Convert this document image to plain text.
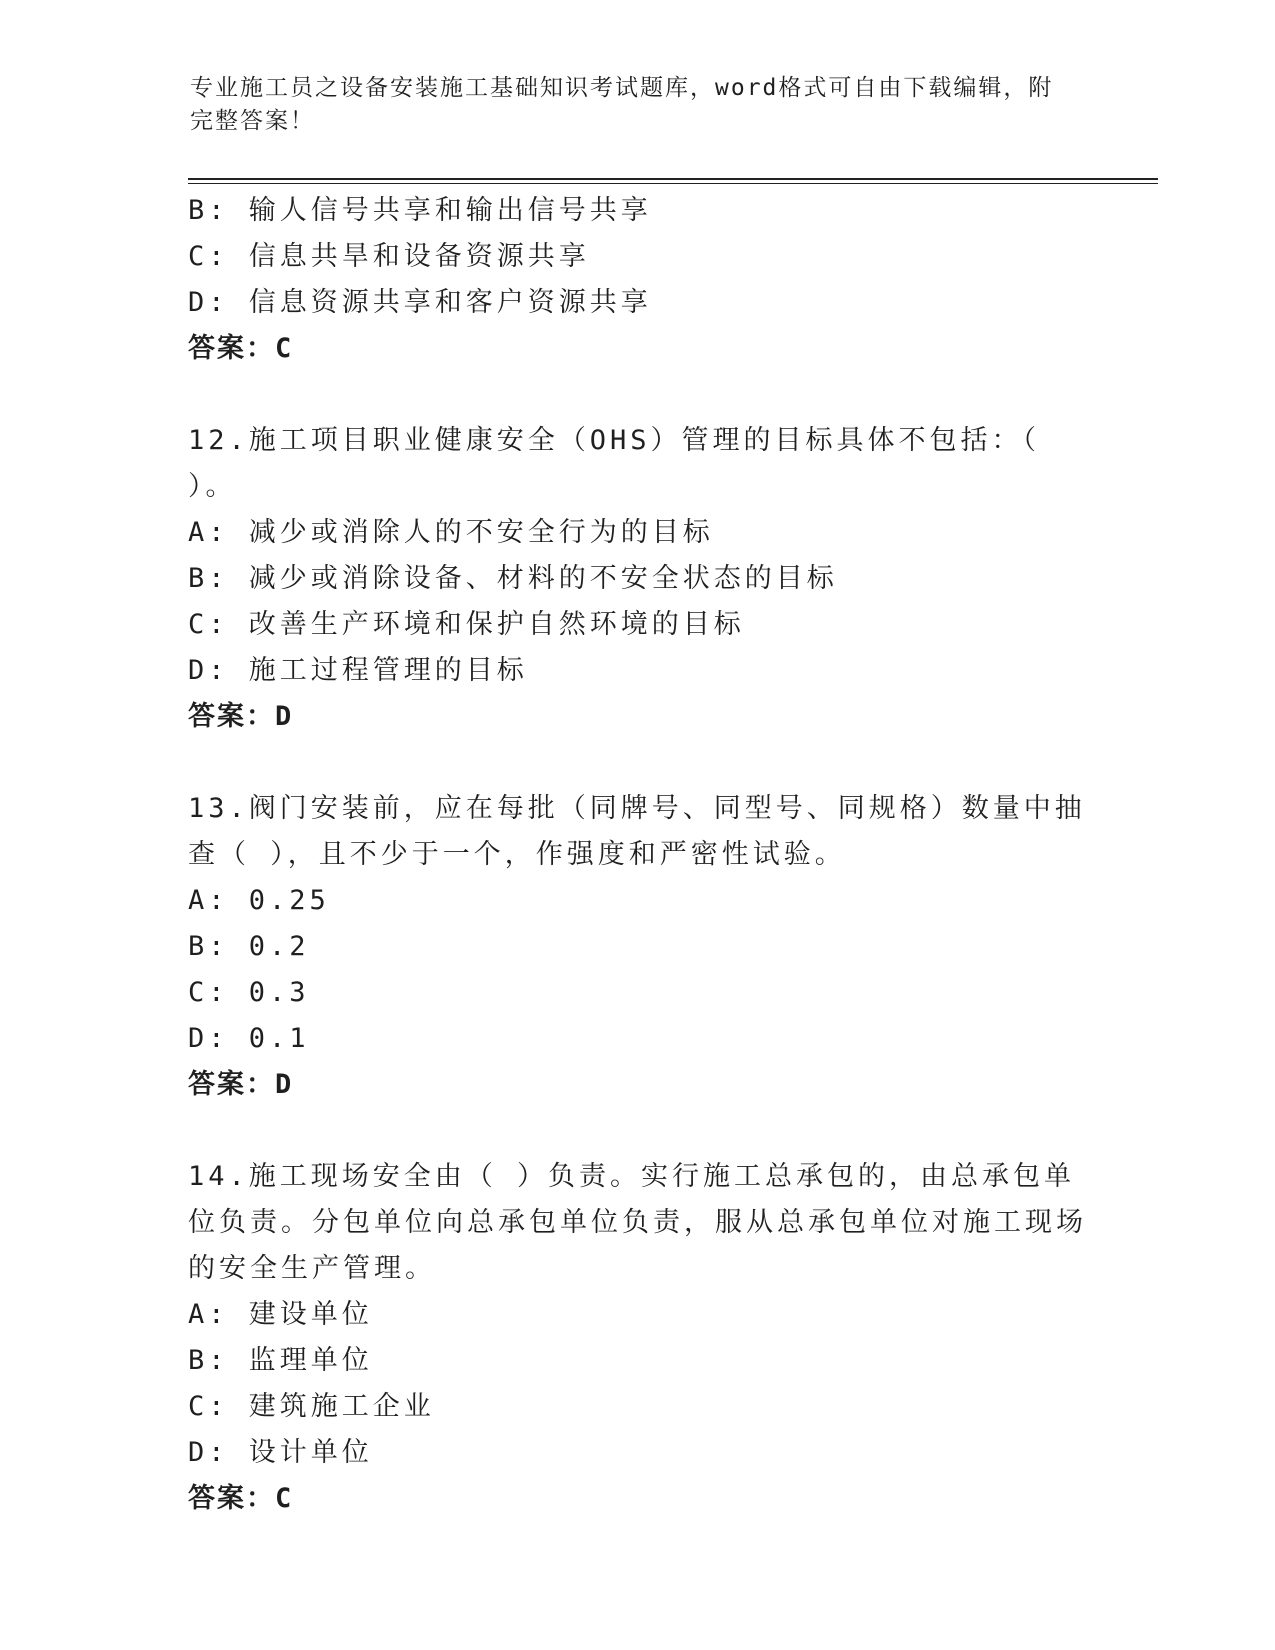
专业施工员之设备安装施工基础知识考试题库，word格式可自由下载编辑，附完整答案！

B: 输人信号共享和输出信号共享

C: 信息共旱和设备资源共享

D: 信息资源共享和客户资源共享

答案：C

12.施工项目职业健康安全（OHS）管理的目标具体不包括：（ ）。

A: 减少或消除人的不安全行为的目标

B: 减少或消除设备、材料的不安全状态的目标

C: 改善生产环境和保护自然环境的目标

D: 施工过程管理的目标

答案：D

13.阀门安装前，应在每批（同牌号、同型号、同规格）数量中抽查（ ），且不少于一个，作强度和严密性试验。

A: 0.25

B: 0.2

C: 0.3

D: 0.1

答案：D

14.施工现场安全由（ ）负责。实行施工总承包的，由总承包单位负责。分包单位向总承包单位负责，服从总承包单位对施工现场的安全生产管理。

A: 建设单位

B: 监理单位

C: 建筑施工企业

D: 设计单位

答案：C
